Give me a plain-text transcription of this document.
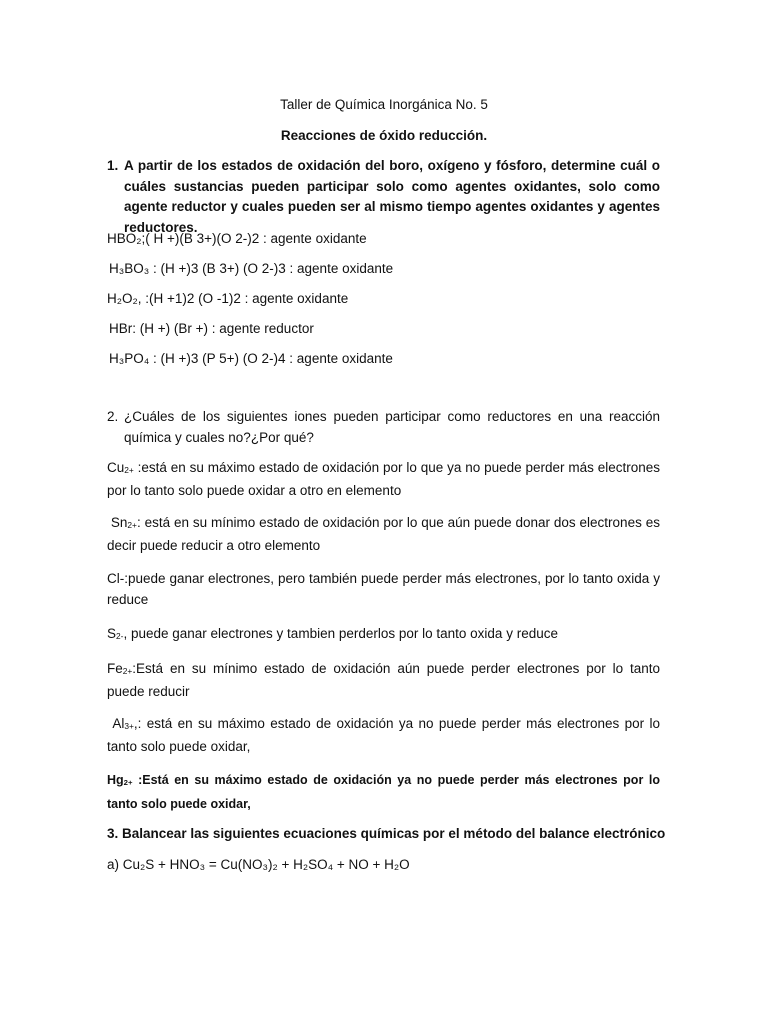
Taller de Química Inorgánica No. 5
Reacciones de óxido reducción.
1. A partir de los estados de oxidación del boro, oxígeno y fósforo, determine cuál o cuáles sustancias pueden participar solo como agentes oxidantes, solo como agente reductor y cuales pueden ser al mismo tiempo agentes oxidantes y agentes reductores.
HBO₂;( H +)(B 3+)(O 2-)2 : agente oxidante
H₃BO₃ : (H +)3 (B 3+) (O 2-)3 : agente oxidante
H₂O₂, :(H +1)2 (O -1)2 : agente oxidante
HBr: (H +) (Br +) : agente reductor
H₃PO₄ : (H +)3 (P 5+) (O 2-)4 : agente oxidante
2. ¿Cuáles de los siguientes iones pueden participar como reductores en una reacción química y cuales no?¿Por qué?
$Cu^{2+}$ :está en su máximo estado de oxidación por lo que ya no puede perder más electrones por lo tanto solo puede oxidar a otro en elemento
$Sn^{2+}$: está en su mínimo estado de oxidación por lo que aún puede donar dos electrones es decir puede reducir a otro elemento
Cl-:puede ganar electrones, pero también puede perder más electrones, por lo tanto oxida y reduce
$S^{2-}$, puede ganar electrones y tambien perderlos por lo tanto oxida y reduce
$Fe^{2+}:Está$ en su mínimo estado de oxidación aún puede perder electrones por lo tanto puede reducir
$Al^{3+}$,: está en su máximo estado de oxidación ya no puede perder más electrones por lo tanto solo puede oxidar,
$Hg^{2+}$ :Está en su máximo estado de oxidación ya no puede perder más electrones por lo tanto solo puede oxidar,
3. Balancear las siguientes ecuaciones químicas por el método del balance electrónico
a) Cu₂S + HNO₃ = Cu(NO₃)₂ + H₂SO₄ + NO + H₂O
